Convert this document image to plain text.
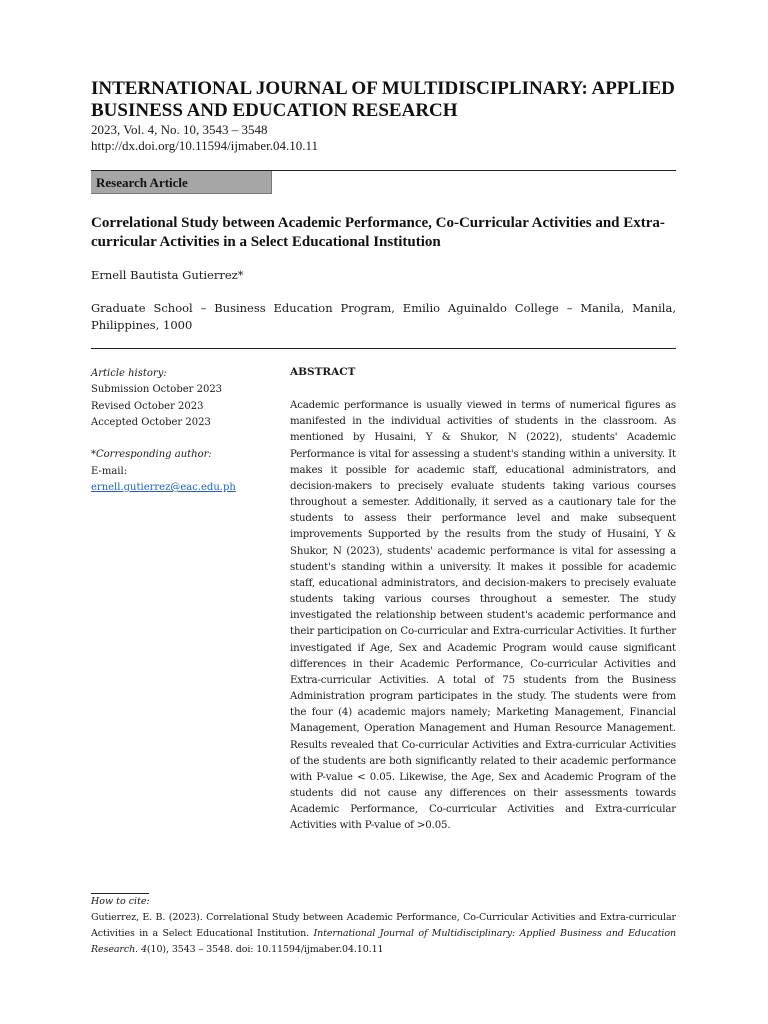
INTERNATIONAL JOURNAL OF MULTIDISCIPLINARY: APPLIED BUSINESS AND EDUCATION RESEARCH
2023, Vol. 4, No. 10, 3543 – 3548
http://dx.doi.org/10.11594/ijmaber.04.10.11
Research Article
Correlational Study between Academic Performance, Co-Curricular Activities and Extra-curricular Activities in a Select Educational Institution
Ernell Bautista Gutierrez*
Graduate School – Business Education Program, Emilio Aguinaldo College – Manila, Manila, Philippines, 1000
Article history:
Submission October 2023
Revised October 2023
Accepted October 2023
*Corresponding author:
E-mail:
ernell.gutierrez@eac.edu.ph
ABSTRACT
Academic performance is usually viewed in terms of numerical figures as manifested in the individual activities of students in the classroom. As mentioned by Husaini, Y & Shukor, N (2022), students' Academic Performance is vital for assessing a student's standing within a university. It makes it possible for academic staff, educational administrators, and decision-makers to precisely evaluate students taking various courses throughout a semester. Additionally, it served as a cautionary tale for the students to assess their performance level and make subsequent improvements Supported by the results from the study of Husaini, Y & Shukor, N (2023), students' academic performance is vital for assessing a student's standing within a university. It makes it possible for academic staff, educational administrators, and decision-makers to precisely evaluate students taking various courses throughout a semester. The study investigated the relationship between student's academic performance and their participation on Co-curricular and Extra-curricular Activities. It further investigated if Age, Sex and Academic Program would cause significant differences in their Academic Performance, Co-curricular Activities and Extra-curricular Activities. A total of 75 students from the Business Administration program participates in the study. The students were from the four (4) academic majors namely; Marketing Management, Financial Management, Operation Management and Human Resource Management. Results revealed that Co-curricular Activities and Extra-curricular Activities of the students are both significantly related to their academic performance with P-value < 0.05. Likewise, the Age, Sex and Academic Program of the students did not cause any differences on their assessments towards Academic Performance, Co-curricular Activities and Extra-curricular Activities with P-value of >0.05.
How to cite:
Gutierrez, E. B. (2023). Correlational Study between Academic Performance, Co-Curricular Activities and Extra-curricular Activities in a Select Educational Institution. International Journal of Multidisciplinary: Applied Business and Education Research. 4(10), 3543 – 3548. doi: 10.11594/ijmaber.04.10.11
